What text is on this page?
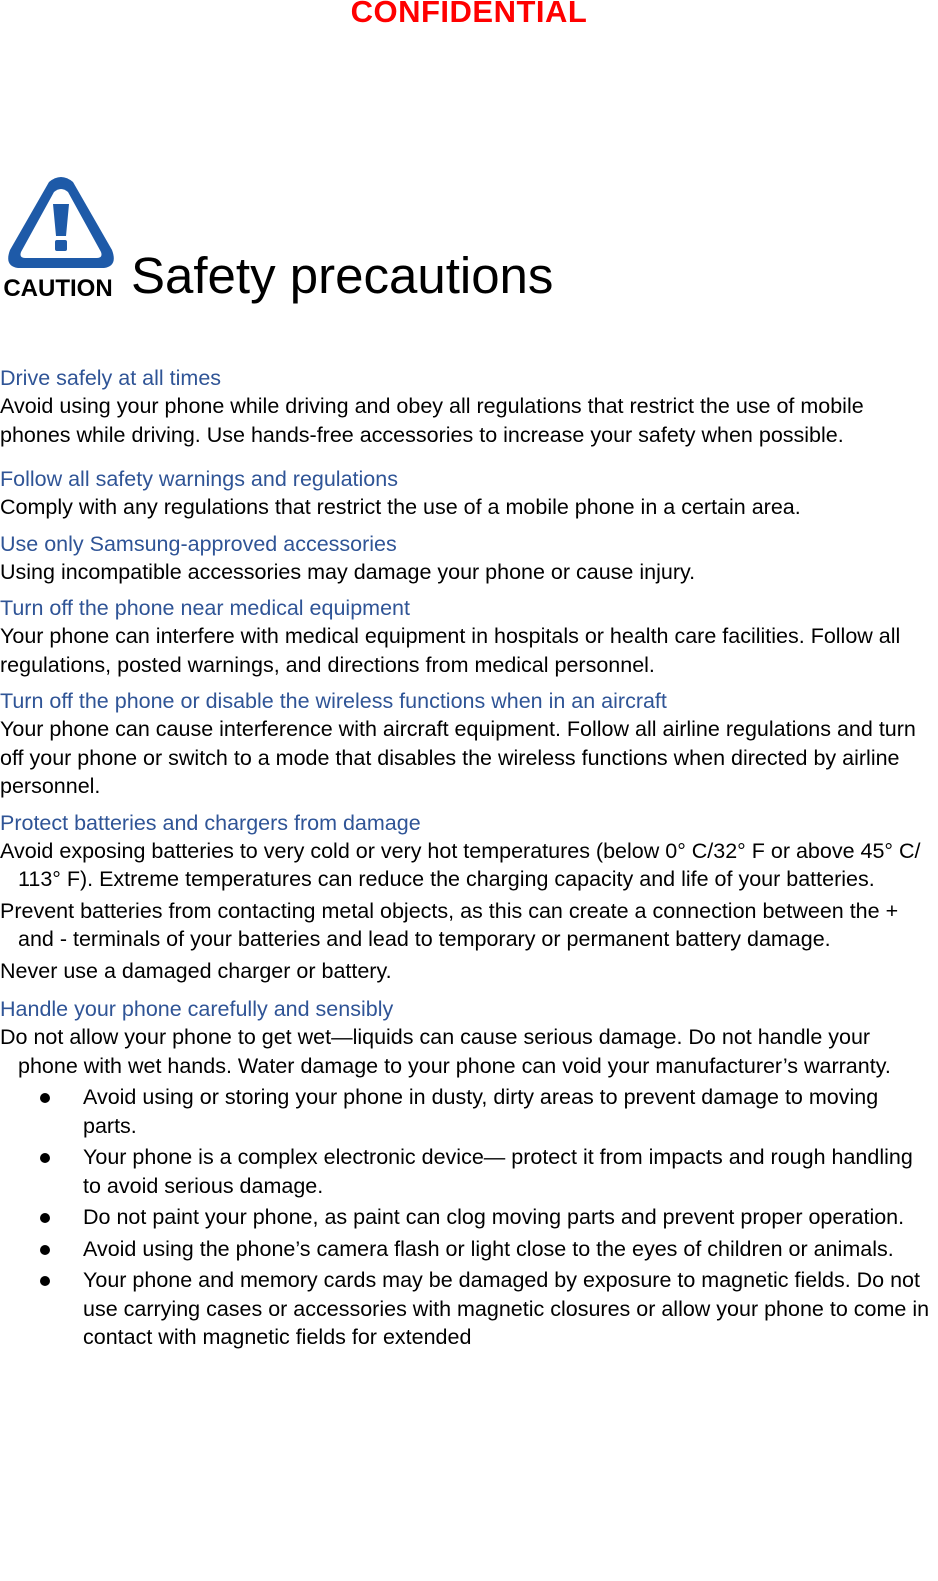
CONFIDENTIAL
CAUTION Safety precautions

Drive safely at all times

Avoid using your phone while driving and obey all regulations that restrict the use of mobile phones while driving. Use hands-free accessories to increase your safety when possible.

Follow all safety warnings and regulations

Comply with any regulations that restrict the use of a mobile phone in a certain area.

Use only Samsung-approved accessories

Using incompatible accessories may damage your phone or cause injury.

Turn off the phone near medical equipment

Your phone can interfere with medical equipment in hospitals or health care facilities. Follow all regulations, posted warnings, and directions from medical personnel.

Turn off the phone or disable the wireless functions when in an aircraft

Your phone can cause interference with aircraft equipment. Follow all airline regulations and turn off your phone or switch to a mode that disables the wireless functions when directed by airline personnel.

Protect batteries and chargers from damage

Avoid exposing batteries to very cold or very hot temperatures (below 0° C/32° F or above 45° C/ 113° F). Extreme temperatures can reduce the charging capacity and life of your batteries.

Prevent batteries from contacting metal objects, as this can create a connection between the + and - terminals of your batteries and lead to temporary or permanent battery damage.

Never use a damaged charger or battery.

Handle your phone carefully and sensibly

Do not allow your phone to get wet—liquids can cause serious damage. Do not handle your phone with wet hands. Water damage to your phone can void your manufacturer’s warranty.

Avoid using or storing your phone in dusty, dirty areas to prevent damage to moving parts.
Your phone is a complex electronic device— protect it from impacts and rough handling to avoid serious damage.
Do not paint your phone, as paint can clog moving parts and prevent proper operation.
Avoid using the phone’s camera flash or light close to the eyes of children or animals.
Your phone and memory cards may be damaged by exposure to magnetic fields. Do not use carrying cases or accessories with magnetic closures or allow your phone to come in contact with magnetic fields for extended
